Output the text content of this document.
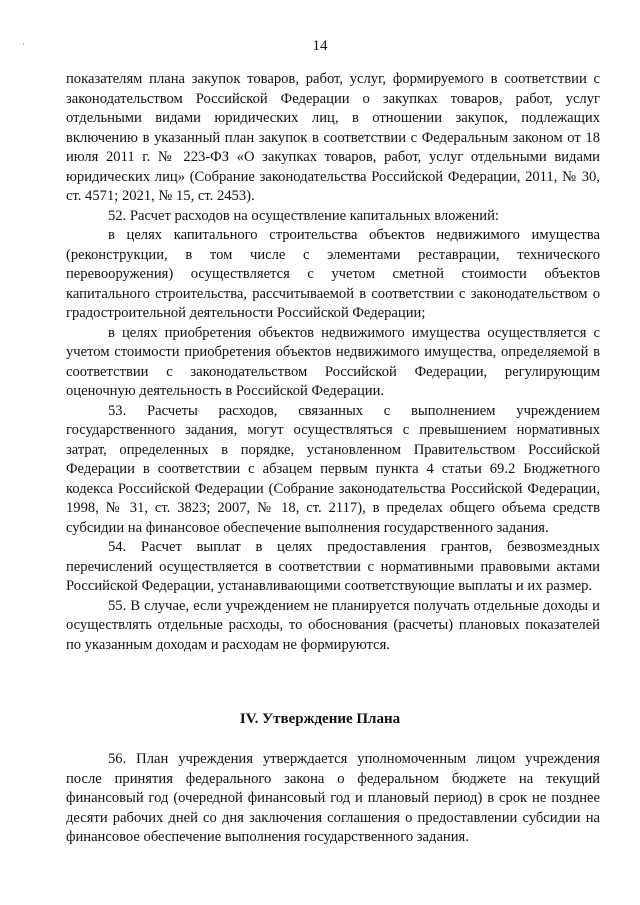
ᶦ	14

показателям плана закупок товаров, работ, услуг, формируемого в соответствии с законодательством Российской Федерации о закупках товаров, работ, услуг отдельными видами юридических лиц, в отношении закупок, подлежащих включению в указанный план закупок в соответствии с Федеральным законом от 18 июля 2011 г. № 223-ФЗ «О закупках товаров, работ, услуг отдельными видами юридических лиц» (Собрание законодательства Российской Федерации, 2011, № 30, ст. 4571; 2021, № 15, ст. 2453).

52. Расчет расходов на осуществление капитальных вложений:

в целях капитального строительства объектов недвижимого имущества (реконструкции, в том числе с элементами реставрации, технического перевооружения) осуществляется с учетом сметной стоимости объектов капитального строительства, рассчитываемой в соответствии с законодательством о градостроительной деятельности Российской Федерации;

в целях приобретения объектов недвижимого имущества осуществляется с учетом стоимости приобретения объектов недвижимого имущества, определяемой в соответствии с законодательством Российской Федерации, регулирующим оценочную деятельность в Российской Федерации.

53. Расчеты расходов, связанных с выполнением учреждением государственного задания, могут осуществляться с превышением нормативных затрат, определенных в порядке, установленном Правительством Российской Федерации в соответствии с абзацем первым пункта 4 статьи 69.2 Бюджетного кодекса Российской Федерации (Собрание законодательства Российской Федерации, 1998, № 31, ст. 3823; 2007, № 18, ст. 2117), в пределах общего объема средств субсидии на финансовое обеспечение выполнения государственного задания.

54. Расчет выплат в целях предоставления грантов, безвозмездных перечислений осуществляется в соответствии с нормативными правовыми актами Российской Федерации, устанавливающими соответствующие выплаты и их размер.

55. В случае, если учреждением не планируется получать отдельные доходы и осуществлять отдельные расходы, то обоснования (расчеты) плановых показателей по указанным доходам и расходам не формируются.

IV. Утверждение Плана

56. План учреждения утверждается уполномоченным лицом учреждения после принятия федерального закона о федеральном бюджете на текущий финансовый год (очередной финансовый год и плановый период) в срок не позднее десяти рабочих дней со дня заключения соглашения о предоставлении субсидии на финансовое обеспечение выполнения государственного задания.
